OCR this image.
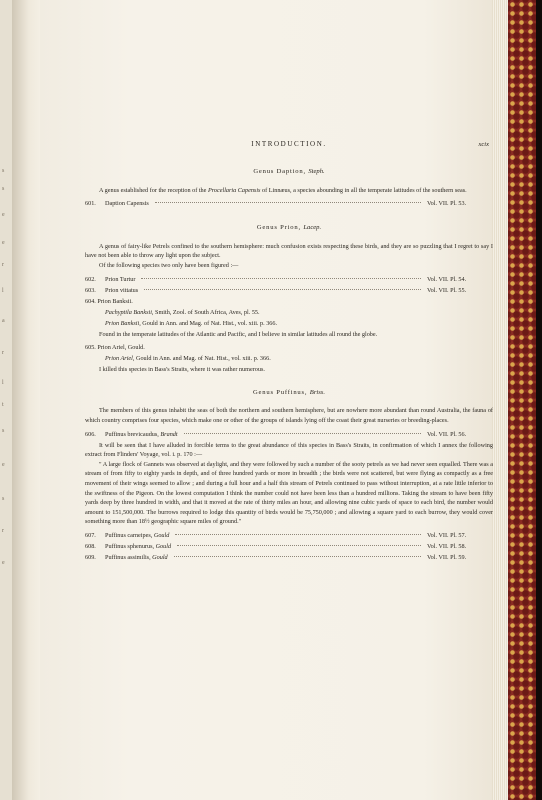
s
s
e
e
r
l
a
r
l
t
s
e
s
r
e
INTRODUCTION.	xcix
Genus Daption, Steph.

A genus established for the reception of the Procellaria Capensis of Linnæus, a species abounding in all the temperate latitudes of the southern seas.

601.	Daption Capensis	Vol. VII. Pl. 53.
Genus Prion, Lacep.

A genus of fairy-like Petrels confined to the southern hemisphere: much confusion exists respecting these birds, and they are so puzzling that I regret to say I have not been able to throw any light upon the subject.

Of the following species two only have been figured :—

602.	Prion Turtur	Vol. VII. Pl. 54.
603.	Prion vittatus	Vol. VII. Pl. 55.
604. Prion Banksii.
Pachyptila Banksii, Smith, Zool. of South Africa, Aves, pl. 55.
Prion Banksii, Gould in Ann. and Mag. of Nat. Hist., vol. xiii. p. 366.

Found in the temperate latitudes of the Atlantic and Pacific, and I believe in similar latitudes all round the globe.

605. Prion Ariel, Gould.
Prion Ariel, Gould in Ann. and Mag. of Nat. Hist., vol. xiii. p. 366.

I killed this species in Bass's Straits, where it was rather numerous.

Genus Puffinus, Briss.

The members of this genus inhabit the seas of both the northern and southern hemisphere, but are nowhere more abundant than round Australia, the fauna of which country comprises four species, which make one or other of the groups of islands lying off the coast their great nurseries or breeding-places.

606.	Puffinus brevicaudus, Brandt	Vol. VII. Pl. 56.

It will be seen that I have alluded in forcible terms to the great abundance of this species in Bass's Straits, in confirmation of which I annex the following extract from Flinders' Voyage, vol. i. p. 170 :—

" A large flock of Gannets was observed at daylight, and they were followed by such a number of the sooty petrels as we had never seen equalled. There was a stream of from fifty to eighty yards in depth, and of three hundred yards or more in breadth ; the birds were not scattered, but were flying as compactly as a free movement of their wings seemed to allow ; and during a full hour and a half this stream of Petrels continued to pass without interruption, at a rate little inferior to the swiftness of the Pigeon. On the lowest computation I think the number could not have been less than a hundred millions. Taking the stream to have been fifty yards deep by three hundred in width, and that it moved at the rate of thirty miles an hour, and allowing nine cubic yards of space to each bird, the number would amount to 151,500,000. The burrows required to lodge this quantity of birds would be 75,750,000 ; and allowing a square yard to each burrow, they would cover something more than 18½ geographic square miles of ground."

607.	Puffinus carneipes, Gould	Vol. VII. Pl. 57.
608.	Puffinus sphenurus, Gould	Vol. VII. Pl. 58.
609.	Puffinus assimilis, Gould	Vol. VII. Pl. 59.
